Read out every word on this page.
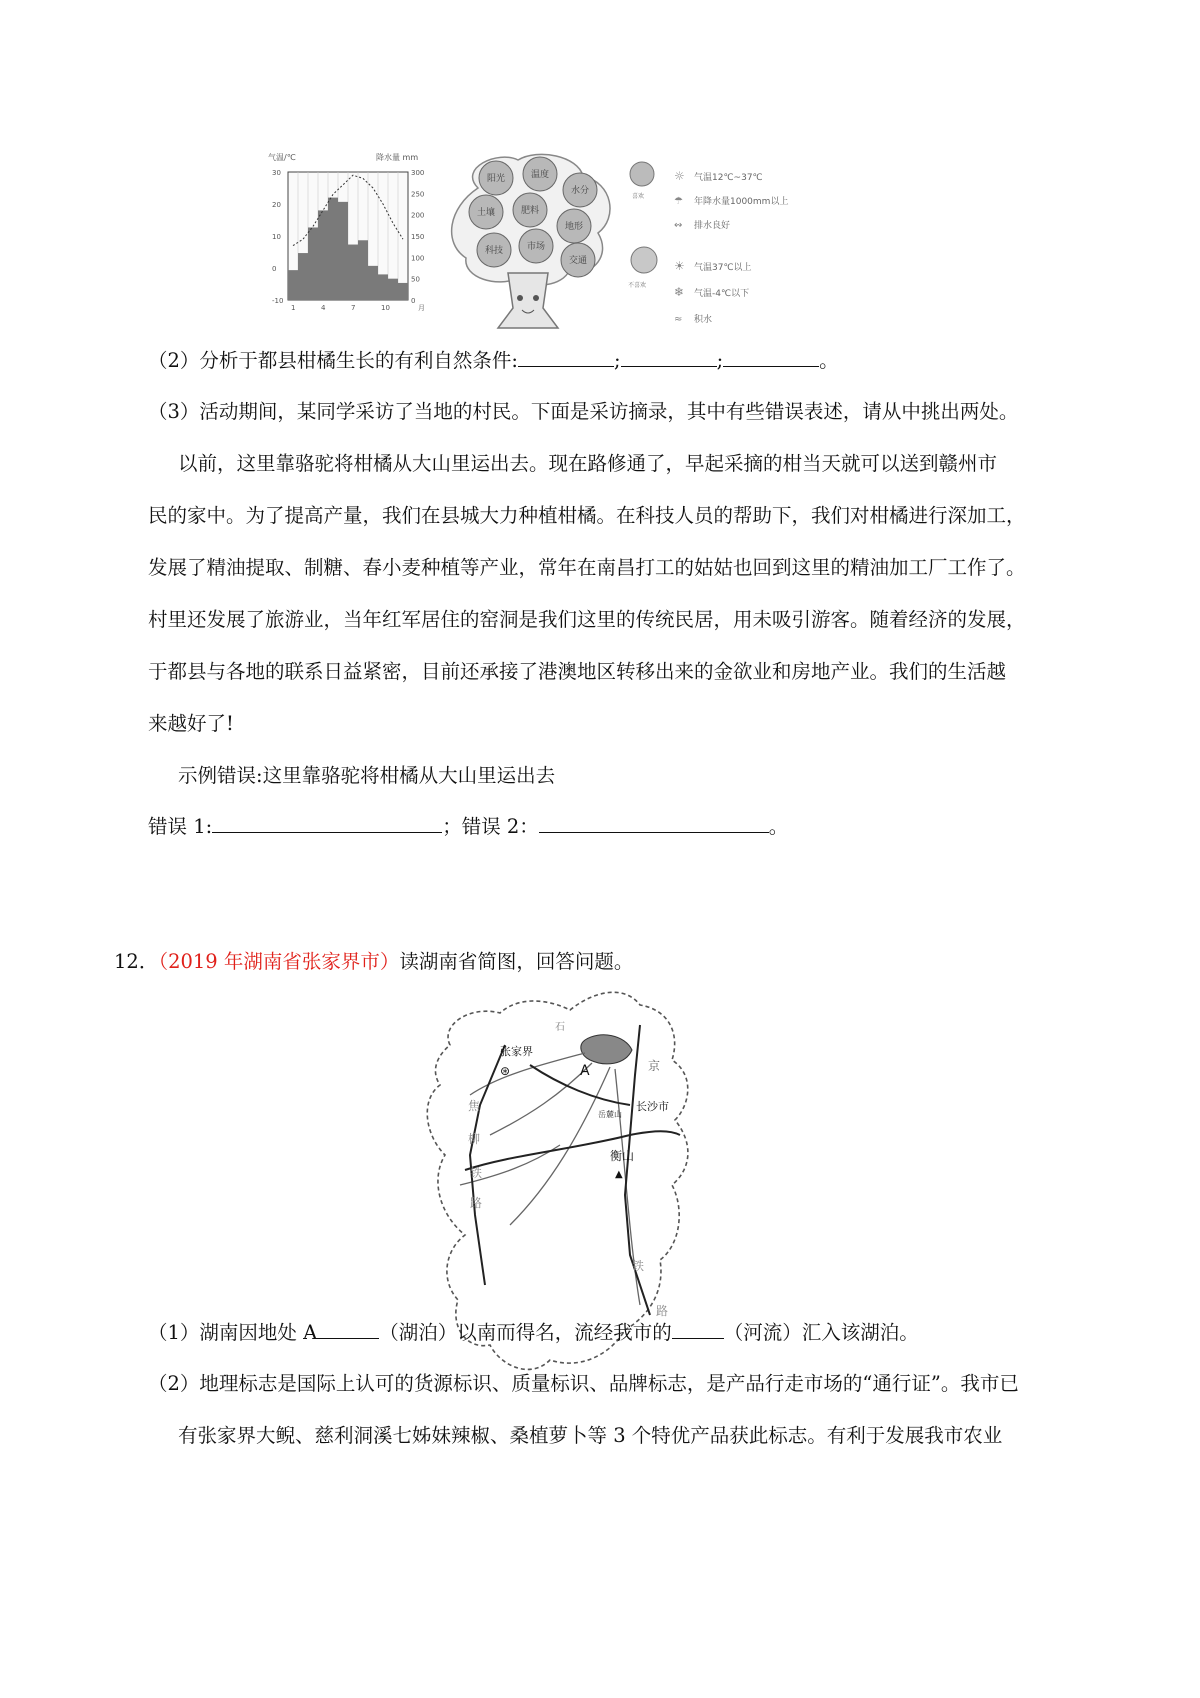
气温/℃	降水量 mm
30
20
10
0
-10
300
250
200
150
100
50
0
1	4	7	10	月
阳光	温度
水分
土壤	肥料
地形
科技	市场
交通
喜欢
☼
☂
↭
气温12℃~37℃
年降水量1000mm以上
排水良好
不喜欢
☀
❄
≈
气温37℃以上
气温-4℃以下
积水
（2）分析于都县柑橘生长的有利自然条件:	;	;	。
（3）活动期间，某同学采访了当地的村民。下面是采访摘录，其中有些错误表述，请从中挑出两处。
以前，这里靠骆驼将柑橘从大山里运出去。现在路修通了，早起采摘的柑当天就可以送到赣州市
民的家中。为了提高产量，我们在县城大力种植柑橘。在科技人员的帮助下，我们对柑橘进行深加工，
发展了精油提取、制糖、春小麦种植等产业，常年在南昌打工的姑姑也回到这里的精油加工厂工作了。
村里还发展了旅游业，当年红军居住的窑洞是我们这里的传统民居，用未吸引游客。随着经济的发展，
于都县与各地的联系日益紧密，目前还承接了港澳地区转移出来的金欲业和房地产业。我们的生活越
来越好了!
示例错误:这里靠骆驼将柑橘从大山里运出去
错误 1:	；错误 2：	。
12．（2019 年湖南省张家界市）读湖南省简图，回答问题。
张家界
⊛
石
A	京
长沙市
岳麓山
焦
柳
铁
路
衡山
▲
铁
路
（1）湖南因地处 A	（湖泊）以南而得名，流经我市的	（河流）汇入该湖泊。
（2）地理标志是国际上认可的货源标识、质量标识、品牌标志，是产品行走市场的“通行证”。我市已
有张家界大鲵、慈利洞溪七姊妹辣椒、桑植萝卜等 3 个特优产品获此标志。有利于发展我市农业
